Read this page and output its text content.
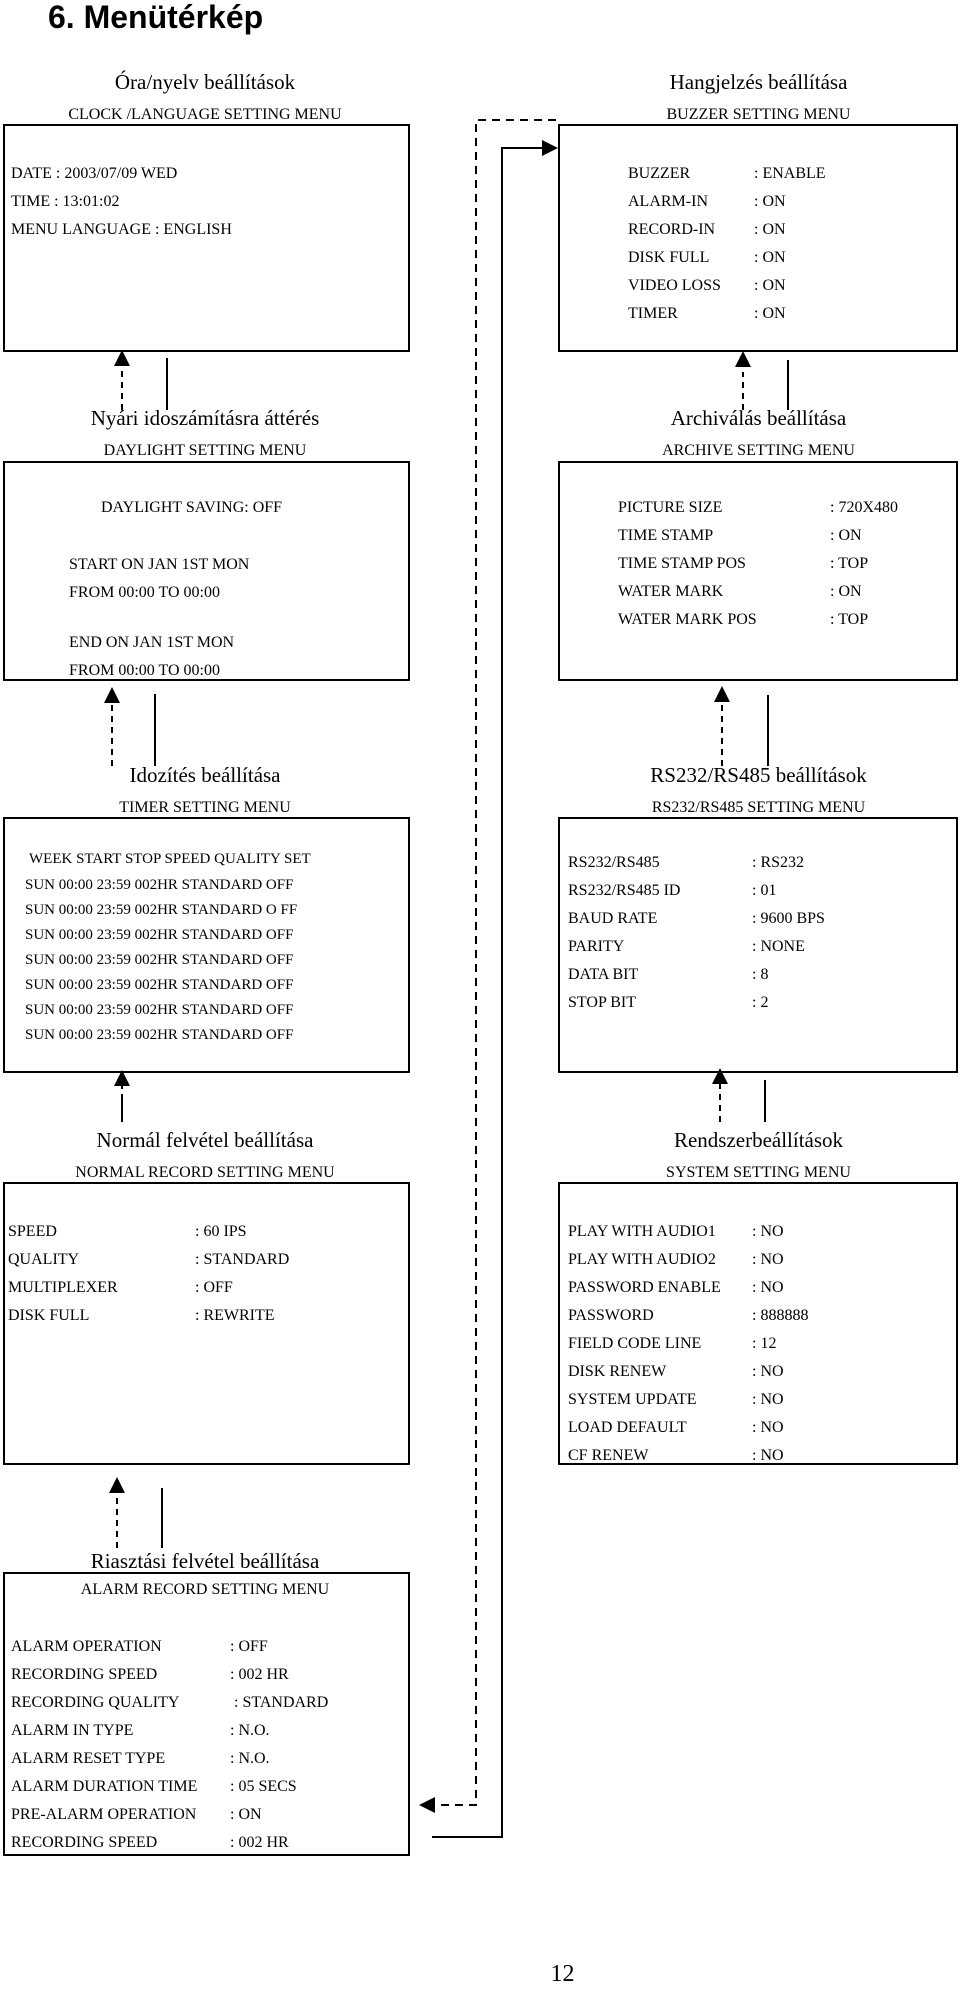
6. Menütérkép
Óra/nyelv beállítások
CLOCK /LANGUAGE SETTING MENU
DATE : 2003/07/09 WED
TIME : 13:01:02
MENU LANGUAGE : ENGLISH
Hangjelzés beállítása
BUZZER SETTING MENU
BUZZER	: ENABLE
ALARM-IN	: ON
RECORD-IN : ON
DISK FULL	: ON
VIDEO LOSS : ON
TIMER	: ON
Nyári idoszámításra áttérés
DAYLIGHT SETTING MENU
DAYLIGHT SAVING: OFF
START ON JAN 1ST MON
FROM 00:00 TO 00:00
END ON JAN 1ST MON
FROM 00:00 TO 00:00
Archiválás beállítása
ARCHIVE SETTING MENU
PICTURE SIZE	: 720X480
TIME STAMP	: ON
TIME STAMP POS	: TOP
WATER MARK	: ON
WATER MARK POS	: TOP
Idozítés beállítása
TIMER SETTING MENU
WEEK START STOP SPEED QUALITY SET
SUN 00:00 23:59 002HR STANDARD OFF
SUN 00:00 23:59 002HR STANDARD O FF
SUN 00:00 23:59 002HR STANDARD OFF
SUN 00:00 23:59 002HR STANDARD OFF
SUN 00:00 23:59 002HR STANDARD OFF
SUN 00:00 23:59 002HR STANDARD OFF
SUN 00:00 23:59 002HR STANDARD OFF
RS232/RS485 beállítások
RS232/RS485 SETTING MENU
RS232/RS485	: RS232
RS232/RS485 ID	: 01
BAUD RATE	: 9600 BPS
PARITY	: NONE
DATA BIT	: 8
STOP BIT	: 2
Normál felvétel beállítása
NORMAL RECORD SETTING MENU
SPEED	: 60 IPS
QUALITY	: STANDARD
MULTIPLEXER	: OFF
DISK FULL	: REWRITE
Rendszerbeállítások
SYSTEM SETTING MENU
PLAY WITH AUDIO1 : NO
PLAY WITH AUDIO2 : NO
PASSWORD ENABLE : NO
PASSWORD	: 888888
FIELD CODE LINE	: 12
DISK RENEW	: NO
SYSTEM UPDATE	: NO
LOAD DEFAULT	: NO
CF RENEW	: NO
Riasztási felvétel beállítása
ALARM RECORD SETTING MENU
ALARM OPERATION	: OFF
RECORDING SPEED	: 002 HR
RECORDING QUALITY	: STANDARD
ALARM IN TYPE	: N.O.
ALARM RESET TYPE	: N.O.
ALARM DURATION TIME : 05 SECS
PRE-ALARM OPERATION : ON
RECORDING SPEED	: 002 HR
12
